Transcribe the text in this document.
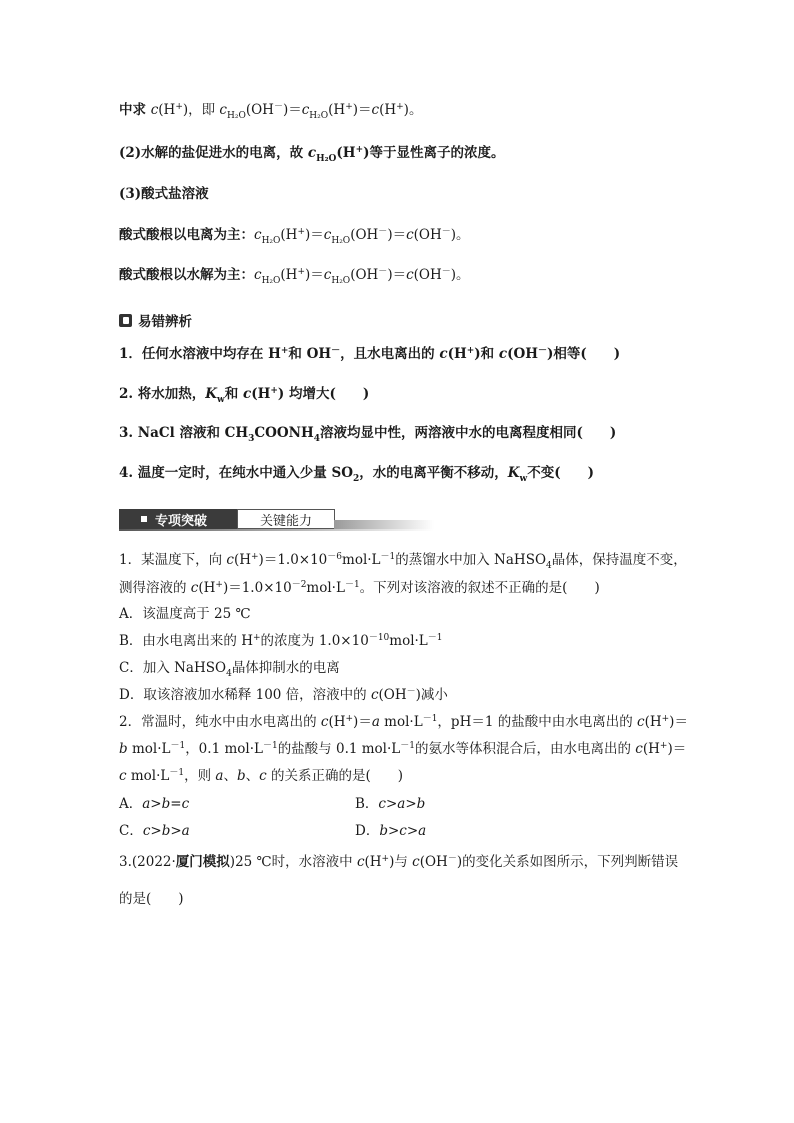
中求 c(H+)，即 $c_{H_2O}(OH^-)=c_{H_2O}(H^+)=c(H^+)$。
(2)水解的盐促进水的电离，故 $c_{H_2O}(H^+)$等于显性离子的浓度。
(3)酸式盐溶液
酸式酸根以电离为主：$c_{H_2O}(H^+)=c_{H_2O}(OH^-)=c(OH^-)$。
酸式酸根以水解为主：$c_{H_2O}(H^+)=c_{H_2O}(OH^-)=c(OH^-)$。
易错辨析
1．任何水溶液中均存在 H+和 OH－，且水电离出的 c(H+)和 c(OH－)相等(　　)
2. 将水加热，$K_w$和 c(H+) 均增大(　　)
3. NaCl 溶液和 $CH_3COONH_4$溶液均显中性，两溶液中水的电离程度相同(　　)
4. 温度一定时，在纯水中通入少量 $SO_2$，水的电离平衡不移动，$K_w$不变(　　)
专项突破	关键能力
1．某温度下，向 $c(H^+)=1.0\times 10^{-6}mol\cdot L^{-1}$的蒸馏水中加入 NaHSO$_4$晶体，保持温度不变，
测得溶液的 $c(H^+)=1.0\times 10^{-2}mol\cdot L^{-1}$。下列对该溶液的叙述不正确的是(　　)
A．该温度高于 25 ℃
B．由水电离出来的 H+的浓度为 $1.0\times 10^{-10}mol\cdot L^{-1}$
C．加入 NaHSO$_4$晶体抑制水的电离
D．取该溶液加水稀释 100 倍，溶液中的 c(OH－)减小
2．常温时，纯水中由水电离出的 c(H+)＝a $mol\cdot L^{-1}$，pH＝1 的盐酸中由水电离出的 c(H+)＝
b $mol\cdot L^{-1}$，0.1 $mol\cdot L^{-1}$的盐酸与 0.1 $mol\cdot L^{-1}$的氨水等体积混合后，由水电离出的 c(H+)＝
c $mol\cdot L^{-1}$，则 a、b、c 的关系正确的是(　　)
A．a>b=c	B．c>a>b
C．c>b>a	D．b>c>a
3.(2022·厦门模拟)25 ℃时，水溶液中 c(H+)与 c(OH－)的变化关系如图所示，下列判断错误
的是(　　)
